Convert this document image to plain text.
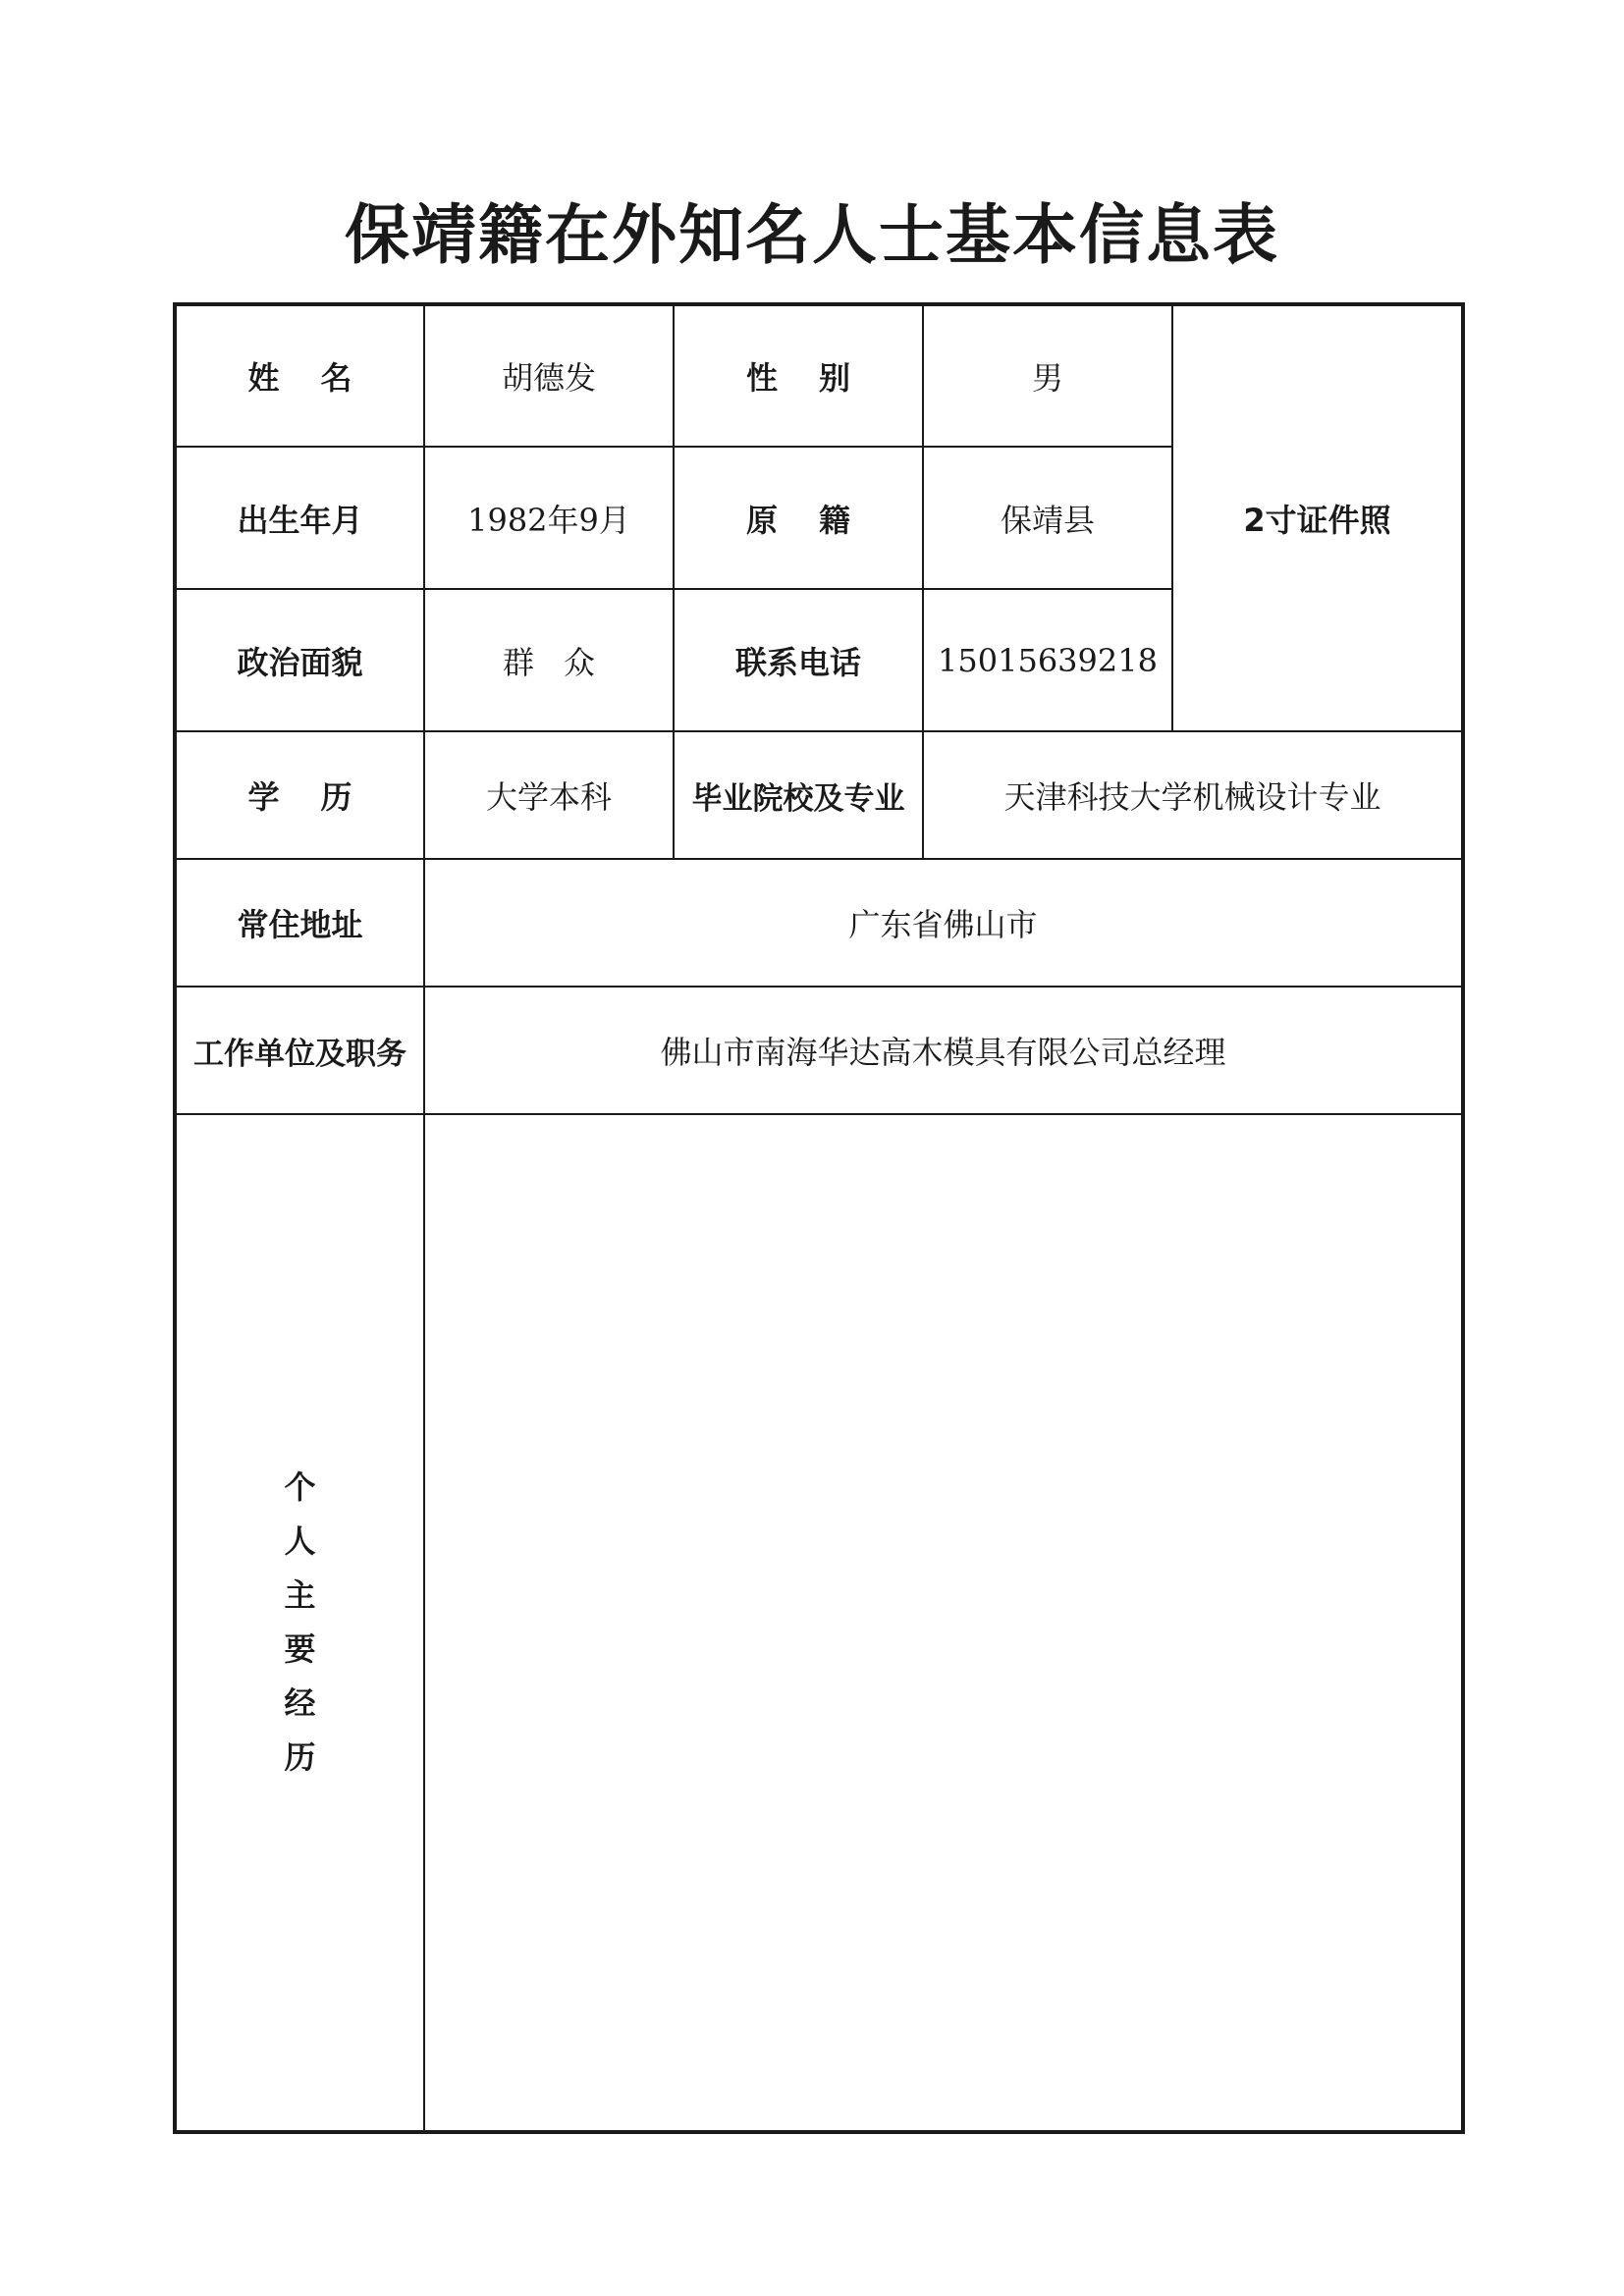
保靖籍在外知名人士基本信息表
姓名	胡德发	性别	男	2寸证件照
出生年月	1982年9月	原籍	保靖县	
政治面貌	群众	联系电话	15015639218	
学历	大学本科	毕业院校及专业	天津科技大学机械设计专业	
常住地址	广东省佛山市			
工作单位及职务	佛山市南海华达高木模具有限公司总经理			
个人主要经历				
